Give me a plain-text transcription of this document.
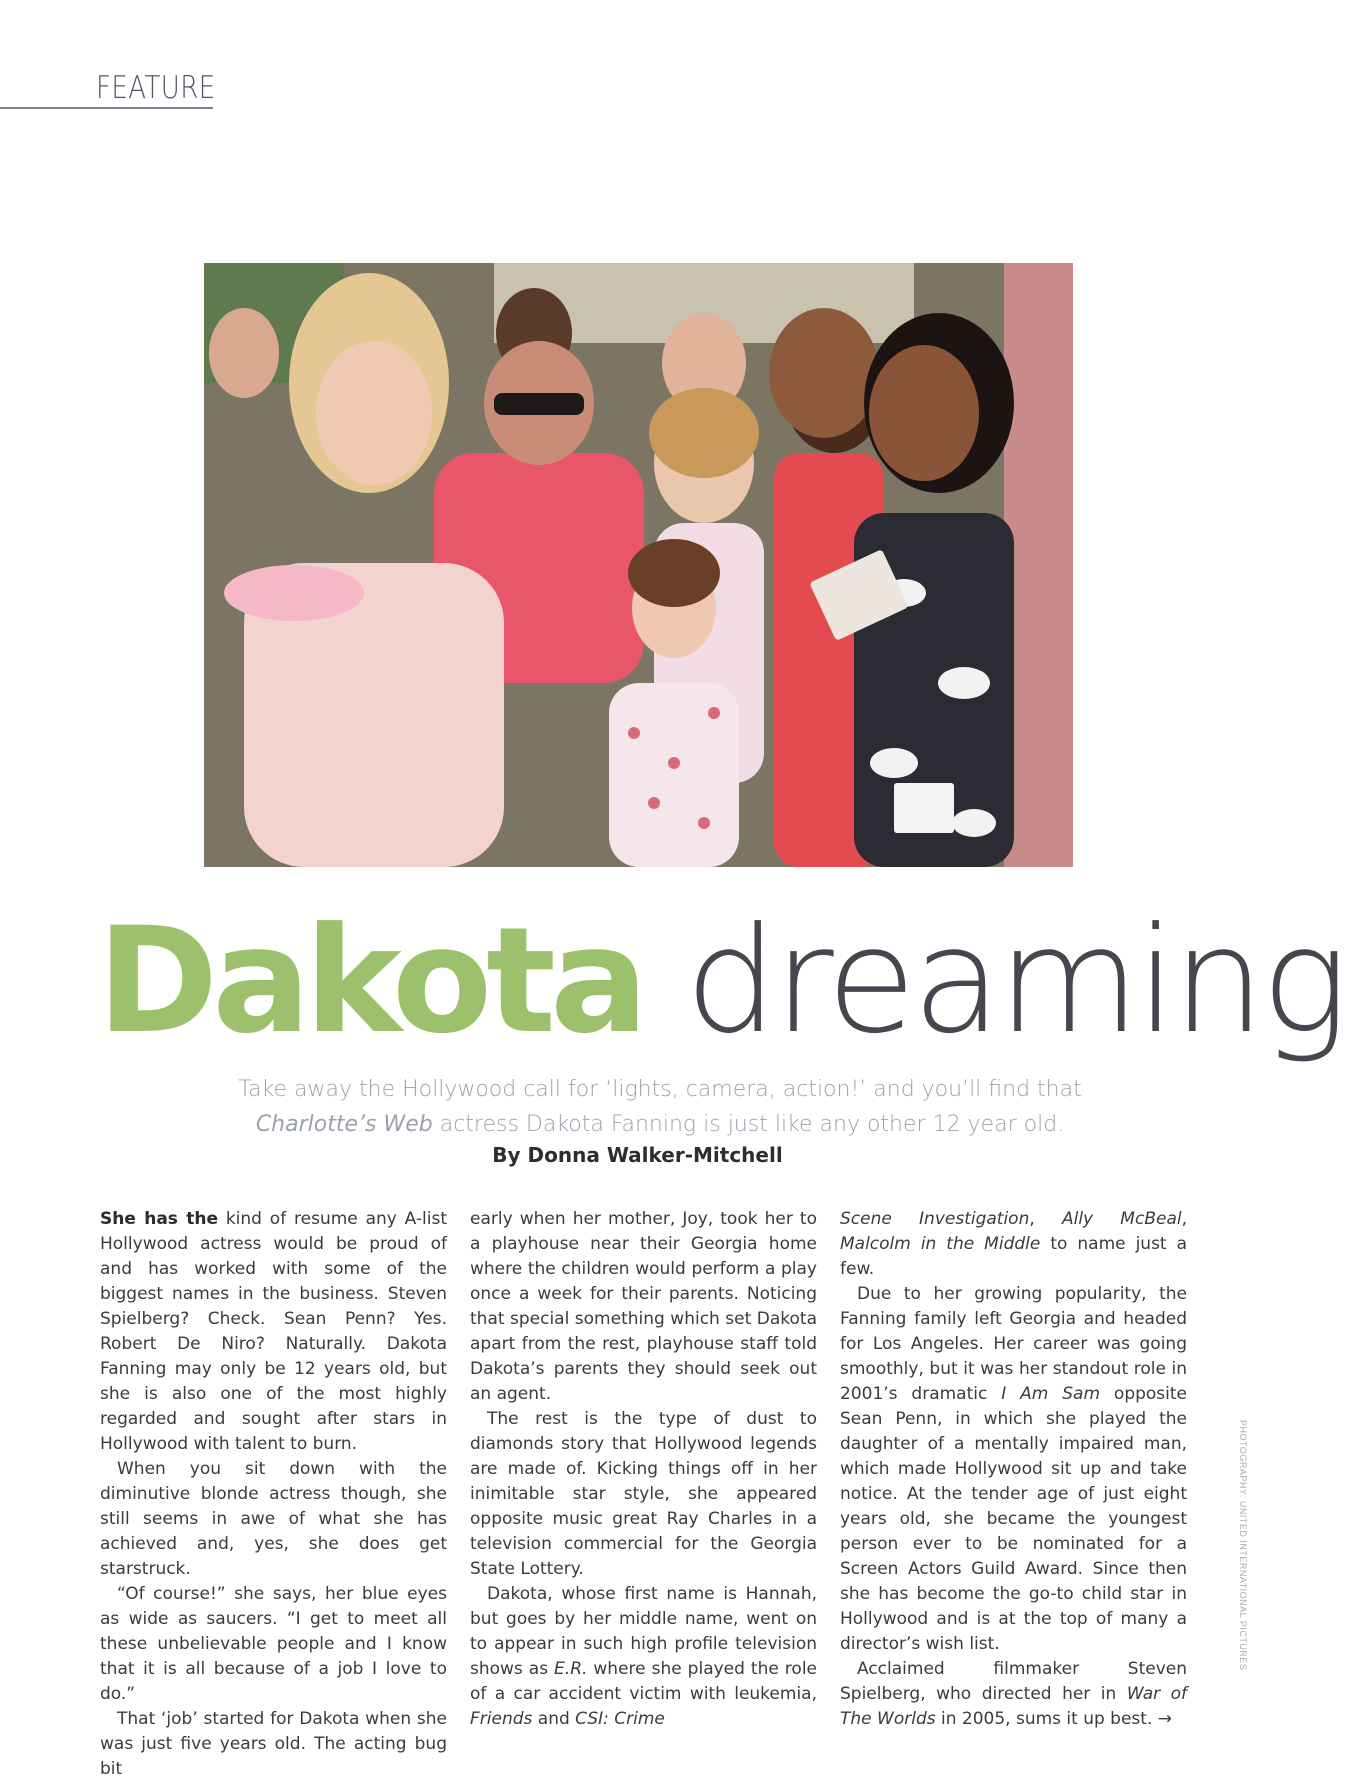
FEATURE
Dakota dreaming
Take away the Hollywood call for ‘lights, camera, action!’ and you’ll find that
Charlotte’s Web actress Dakota Fanning is just like any other 12 year old.
By Donna Walker-Mitchell

She has the kind of resume any A-list Hollywood actress would be proud of and has worked with some of the biggest names in the business. Steven Spielberg? Check. Sean Penn? Yes. Robert De Niro? Naturally. Dakota Fanning may only be 12 years old, but she is also one of the most highly regarded and sought after stars in Hollywood with talent to burn.

When you sit down with the diminutive blonde actress though, she still seems in awe of what she has achieved and, yes, she does get starstruck.

“Of course!” she says, her blue eyes as wide as saucers. “I get to meet all these unbelievable people and I know that it is all because of a job I love to do.”

That ‘job’ started for Dakota when she was just five years old. The acting bug bit

early when her mother, Joy, took her to a playhouse near their Georgia home where the children would perform a play once a week for their parents. Noticing that special something which set Dakota apart from the rest, playhouse staff told Dakota’s parents they should seek out an agent.

The rest is the type of dust to diamonds story that Hollywood legends are made of. Kicking things off in her inimitable star style, she appeared opposite music great Ray Charles in a television commercial for the Georgia State Lottery.

Dakota, whose first name is Hannah, but goes by her middle name, went on to appear in such high profile television shows as E.R. where she played the role of a car accident victim with leukemia, Friends and CSI: Crime

Scene Investigation, Ally McBeal, Malcolm in the Middle to name just a few.

Due to her growing popularity, the Fanning family left Georgia and headed for Los Angeles. Her career was going smoothly, but it was her standout role in 2001’s dramatic I Am Sam opposite Sean Penn, in which she played the daughter of a mentally impaired man, which made Hollywood sit up and take notice. At the tender age of just eight years old, she became the youngest person ever to be nominated for a Screen Actors Guild Award. Since then she has become the go-to child star in Hollywood and is at the top of many a director’s wish list.

Acclaimed filmmaker Steven Spielberg, who directed her in War of The Worlds in 2005, sums it up best. →

PHOTOGRAPHY: UNITED INTERNATIONAL PICTURES
